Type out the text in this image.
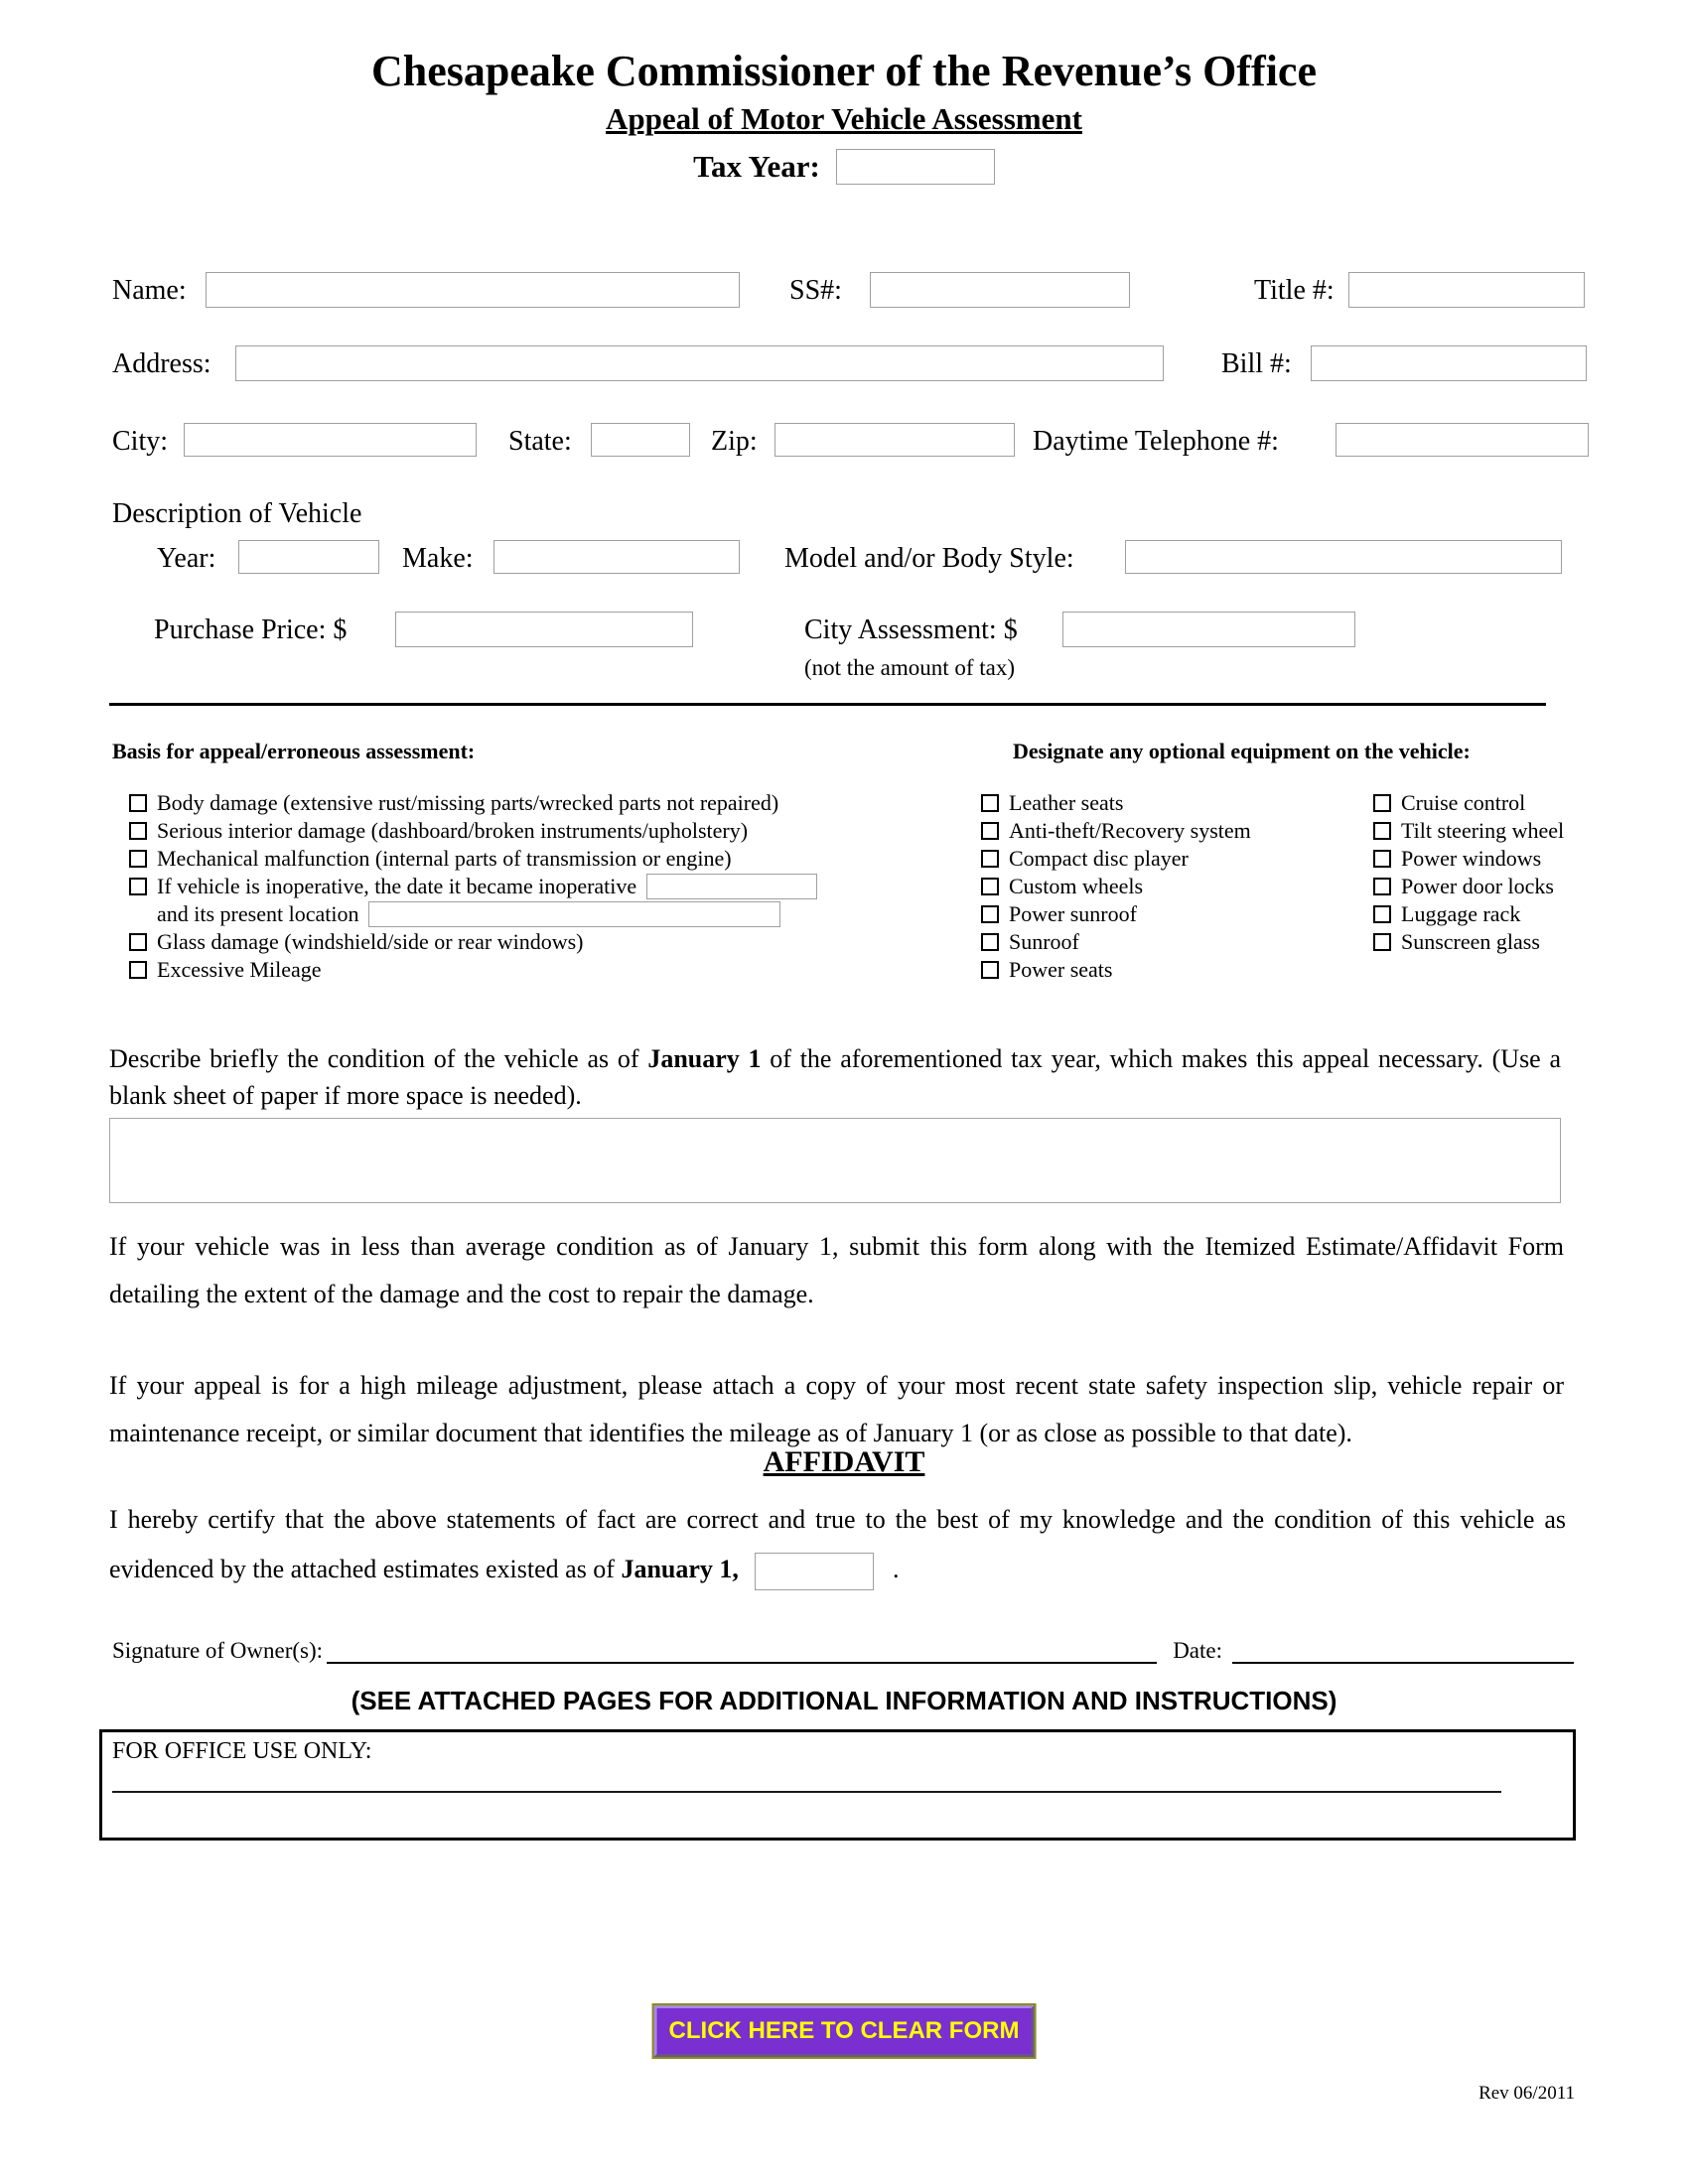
Chesapeake Commissioner of the Revenue’s Office
Appeal of Motor Vehicle Assessment
Tax Year:
Name:	SS#:	Title #:
Address:	Bill #:
City:	State:	Zip:	Daytime Telephone #:
Description of Vehicle
Year:	Make:	Model and/or Body Style:
Purchase Price: $	City Assessment: $
(not the amount of tax)
Basis for appeal/erroneous assessment:	Designate any optional equipment on the vehicle:
Body damage (extensive rust/missing parts/wrecked parts not repaired)
Serious interior damage (dashboard/broken instruments/upholstery)
Mechanical malfunction (internal parts of transmission or engine)
If vehicle is inoperative, the date it became inoperative
and its present location
Glass damage (windshield/side or rear windows)
Excessive Mileage
Leather seats
Anti-theft/Recovery system
Compact disc player
Custom wheels
Power sunroof
Sunroof
Power seats
Cruise control
Tilt steering wheel
Power windows
Power door locks
Luggage rack
Sunscreen glass

Describe briefly the condition of the vehicle as of January 1 of the aforementioned tax year, which makes this appeal necessary. (Use a blank sheet of paper if more space is needed).

If your vehicle was in less than average condition as of January 1, submit this form along with the Itemized Estimate/Affidavit Form detailing the extent of the damage and the cost to repair the damage.

If your appeal is for a high mileage adjustment, please attach a copy of your most recent state safety inspection slip, vehicle repair or maintenance receipt, or similar document that identifies the mileage as of January 1 (or as close as possible to that date).

AFFIDAVIT

I hereby certify that the above statements of fact are correct and true to the best of my knowledge and the condition of this vehicle as evidenced by the attached estimates existed as of January 1,	.

Signature of Owner(s):	Date:
(SEE ATTACHED PAGES FOR ADDITIONAL INFORMATION AND INSTRUCTIONS)
FOR OFFICE USE ONLY:
CLICK HERE TO CLEAR FORM
Rev 06/2011
